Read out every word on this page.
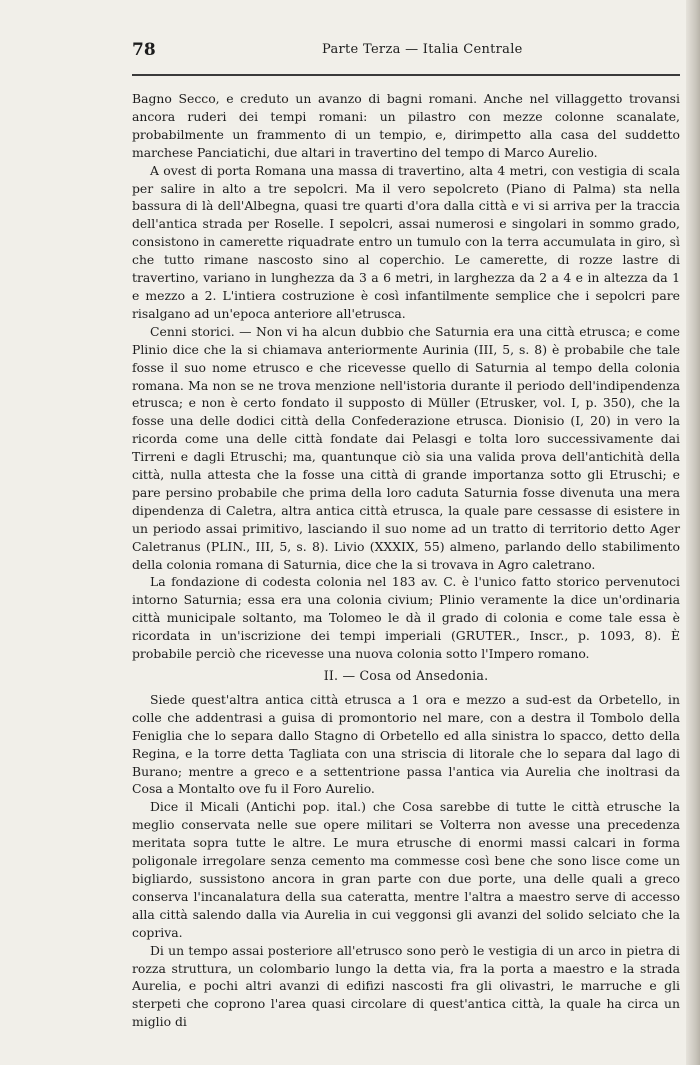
78	Parte Terza — Italia Centrale

Bagno Secco, e creduto un avanzo di bagni romani. Anche nel villaggetto trovansi ancora ruderi dei tempi romani: un pilastro con mezze colonne scanalate, probabilmente un frammento di un tempio, e, dirimpetto alla casa del suddetto marchese Panciatichi, due altari in travertino del tempo di Marco Aurelio.

A ovest di porta Romana una massa di travertino, alta 4 metri, con vestigia di scala per salire in alto a tre sepolcri. Ma il vero sepolcreto (Piano di Palma) sta nella bassura di là dell'Albegna, quasi tre quarti d'ora dalla città e vi si arriva per la traccia dell'antica strada per Roselle. I sepolcri, assai numerosi e singolari in sommo grado, consistono in camerette riquadrate entro un tumulo con la terra accumulata in giro, sì che tutto rimane nascosto sino al coperchio. Le camerette, di rozze lastre di travertino, variano in lunghezza da 3 a 6 metri, in larghezza da 2 a 4 e in altezza da 1 e mezzo a 2. L'intiera costruzione è così infantilmente semplice che i sepolcri pare risalgano ad un'epoca anteriore all'etrusca.

Cenni storici. — Non vi ha alcun dubbio che Saturnia era una città etrusca; e come Plinio dice che la si chiamava anteriormente Aurinia (III, 5, s. 8) è probabile che tale fosse il suo nome etrusco e che ricevesse quello di Saturnia al tempo della colonia romana. Ma non se ne trova menzione nell'istoria durante il periodo dell'indipendenza etrusca; e non è certo fondato il supposto di Müller (Etrusker, vol. I, p. 350), che la fosse una delle dodici città della Confederazione etrusca. Dionisio (I, 20) in vero la ricorda come una delle città fondate dai Pelasgi e tolta loro successivamente dai Tirreni e dagli Etruschi; ma, quantunque ciò sia una valida prova dell'antichità della città, nulla attesta che la fosse una città di grande importanza sotto gli Etruschi; e pare persino probabile che prima della loro caduta Saturnia fosse divenuta una mera dipendenza di Caletra, altra antica città etrusca, la quale pare cessasse di esistere in un periodo assai primitivo, lasciando il suo nome ad un tratto di territorio detto Ager Caletranus (PLIN., III, 5, s. 8). Livio (XXXIX, 55) almeno, parlando dello stabilimento della colonia romana di Saturnia, dice che la si trovava in Agro caletrano.

La fondazione di codesta colonia nel 183 av. C. è l'unico fatto storico pervenutoci intorno Saturnia; essa era una colonia civium; Plinio veramente la dice un'ordinaria città municipale soltanto, ma Tolomeo le dà il grado di colonia e come tale essa è ricordata in un'iscrizione dei tempi imperiali (GRUTER., Inscr., p. 1093, 8). È probabile perciò che ricevesse una nuova colonia sotto l'Impero romano.

II. — Cosa od Ansedonia.

Siede quest'altra antica città etrusca a 1 ora e mezzo a sud-est da Orbetello, in colle che addentrasi a guisa di promontorio nel mare, con a destra il Tombolo della Feniglia che lo separa dallo Stagno di Orbetello ed alla sinistra lo spacco, detto della Regina, e la torre detta Tagliata con una striscia di litorale che lo separa dal lago di Burano; mentre a greco e a settentrione passa l'antica via Aurelia che inoltrasi da Cosa a Montalto ove fu il Foro Aurelio.

Dice il Micali (Antichi pop. ital.) che Cosa sarebbe di tutte le città etrusche la meglio conservata nelle sue opere militari se Volterra non avesse una precedenza meritata sopra tutte le altre. Le mura etrusche di enormi massi calcari in forma poligonale irregolare senza cemento ma commesse così bene che sono lisce come un bigliardo, sussistono ancora in gran parte con due porte, una delle quali a greco conserva l'incanalatura della sua cateratta, mentre l'altra a maestro serve di accesso alla città salendo dalla via Aurelia in cui veggonsi gli avanzi del solido selciato che la copriva.

Di un tempo assai posteriore all'etrusco sono però le vestigia di un arco in pietra di rozza struttura, un colombario lungo la detta via, fra la porta a maestro e la strada Aurelia, e pochi altri avanzi di edifizi nascosti fra gli olivastri, le marruche e gli sterpeti che coprono l'area quasi circolare di quest'antica città, la quale ha circa un miglio di
